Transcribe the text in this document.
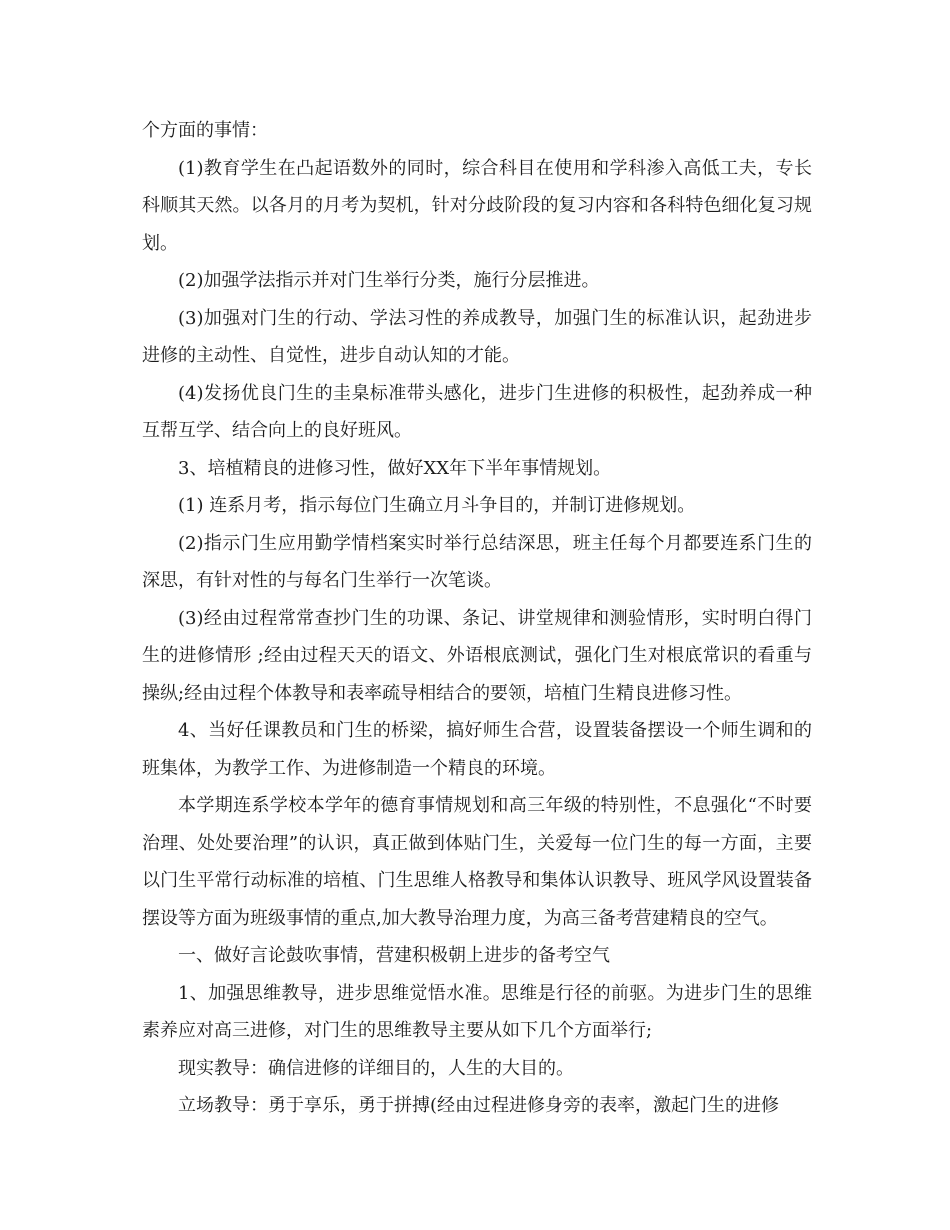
个方面的事情：

(1)教育学生在凸起语数外的同时，综合科目在使用和学科渗入高低工夫，专长科顺其天然。以各月的月考为契机，针对分歧阶段的复习内容和各科特色细化复习规划。

(2)加强学法指示并对门生举行分类，施行分层推进。

(3)加强对门生的行动、学法习性的养成教导，加强门生的标准认识，起劲进步进修的主动性、自觉性，进步自动认知的才能。

(4)发扬优良门生的圭臬标准带头感化，进步门生进修的积极性，起劲养成一种互帮互学、结合向上的良好班风。

3、培植精良的进修习性，做好XX年下半年事情规划。

(1) 连系月考，指示每位门生确立月斗争目的，并制订进修规划。

(2)指示门生应用勤学情档案实时举行总结深思，班主任每个月都要连系门生的深思，有针对性的与每名门生举行一次笔谈。

(3)经由过程常常查抄门生的功课、条记、讲堂规律和测验情形，实时明白得门生的进修情形 ;经由过程天天的语文、外语根底测试，强化门生对根底常识的看重与操纵;经由过程个体教导和表率疏导相结合的要领，培植门生精良进修习性。

4、当好任课教员和门生的桥梁，搞好师生合营，设置装备摆设一个师生调和的班集体，为教学工作、为进修制造一个精良的环境。

本学期连系学校本学年的德育事情规划和高三年级的特别性，不息强化“不时要治理、处处要治理”的认识，真正做到体贴门生，关爱每一位门生的每一方面，主要以门生平常行动标准的培植、门生思维人格教导和集体认识教导、班风学风设置装备摆设等方面为班级事情的重点,加大教导治理力度，为高三备考营建精良的空气。

一、做好言论鼓吹事情，营建积极朝上进步的备考空气

1、加强思维教导，进步思维觉悟水准。思维是行径的前驱。为进步门生的思维素养应对高三进修，对门生的思维教导主要从如下几个方面举行;

现实教导：确信进修的详细目的，人生的大目的。

立场教导：勇于享乐，勇于拼搏(经由过程进修身旁的表率，激起门生的进修
